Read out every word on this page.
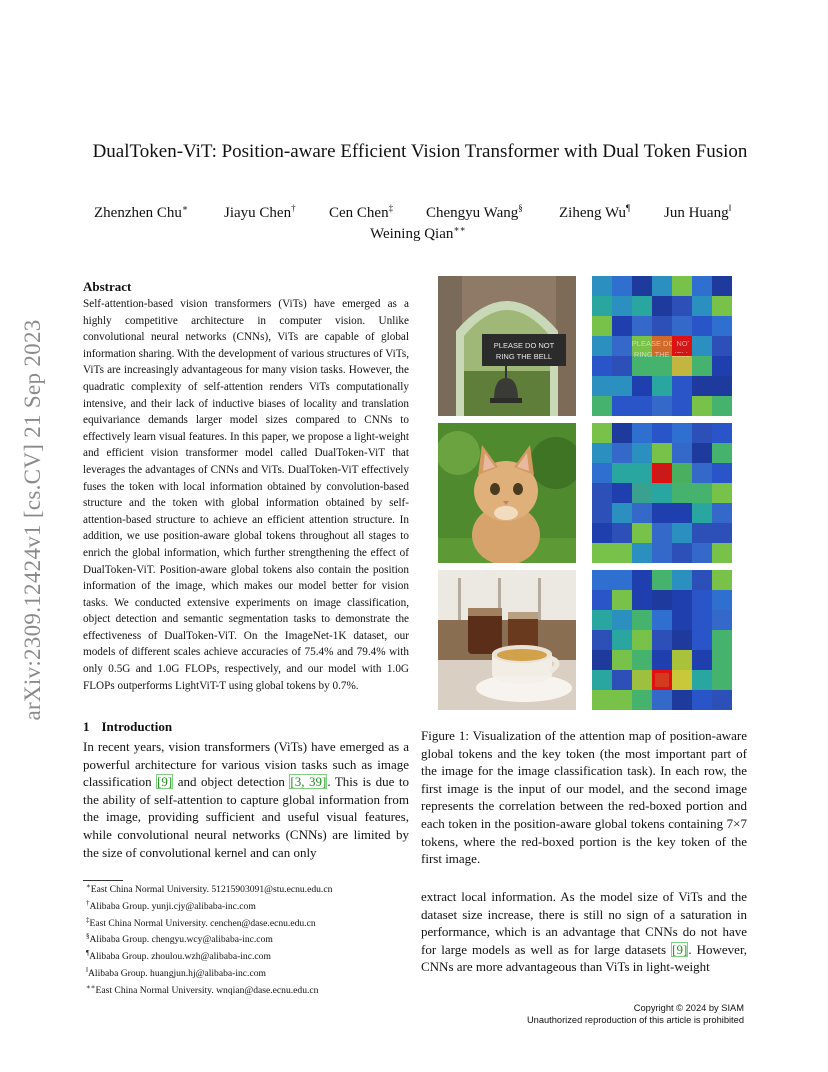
DualToken-ViT: Position-aware Efficient Vision Transformer with Dual Token Fusion
Zhenzhen Chu∗ Jiayu Chen† Cen Chen‡ Chengyu Wang§ Ziheng Wu¶ Jun Huang$^ǁ$
Weining Qian∗∗
arXiv:2309.12424v1 [cs.CV] 21 Sep 2023
Abstract
Self-attention-based vision transformers (ViTs) have emerged as a highly competitive architecture in computer vision. Unlike convolutional neural networks (CNNs), ViTs are capable of global information sharing. With the development of various structures of ViTs, ViTs are increasingly advantageous for many vision tasks. However, the quadratic complexity of self-attention renders ViTs computationally intensive, and their lack of inductive biases of locality and translation equivariance demands larger model sizes compared to CNNs to effectively learn visual features. In this paper, we propose a light-weight and efficient vision transformer model called DualToken-ViT that leverages the advantages of CNNs and ViTs. DualToken-ViT effectively fuses the token with local information obtained by convolution-based structure and the token with global information obtained by self-attention-based structure to achieve an efficient attention structure. In addition, we use position-aware global tokens throughout all stages to enrich the global information, which further strengthening the effect of DualToken-ViT. Position-aware global tokens also contain the position information of the image, which makes our model better for vision tasks. We conducted extensive experiments on image classification, object detection and semantic segmentation tasks to demonstrate the effectiveness of DualToken-ViT. On the ImageNet-1K dataset, our models of different scales achieve accuracies of 75.4% and 79.4% with only 0.5G and 1.0G FLOPs, respectively, and our model with 1.0G FLOPs outperforms LightViT-T using global tokens by 0.7%.
1 Introduction
In recent years, vision transformers (ViTs) have emerged as a powerful architecture for various vision tasks such as image classification [9] and object detection [3, 39]. This is due to the ability of self-attention to capture global information from the image, providing sufficient and useful visual features, while convolutional neural networks (CNNs) are limited by the size of convolutional kernel and can only
∗East China Normal University. 51215903091@stu.ecnu.edu.cn
†Alibaba Group. yunji.cjy@alibaba-inc.com
‡East China Normal University. cenchen@dase.ecnu.edu.cn
§Alibaba Group. chengyu.wcy@alibaba-inc.com
¶Alibaba Group. zhoulou.wzh@alibaba-inc.com
$^ǁ$Alibaba Group. huangjun.hj@alibaba-inc.com
∗∗East China Normal University. wnqian@dase.ecnu.edu.cn
PLEASE DO NOT
RING THE BELL
PLEASE DO NOT
RING THE BELL
Figure 1: Visualization of the attention map of position-aware global tokens and the key token (the most important part of the image for the image classification task). In each row, the first image is the input of our model, and the second image represents the correlation between the red-boxed portion and each token in the position-aware global tokens containing 7×7 tokens, where the red-boxed portion is the key token of the first image.
extract local information. As the model size of ViTs and the dataset size increase, there is still no sign of a saturation in performance, which is an advantage that CNNs do not have for large models as well as for large datasets [9]. However, CNNs are more advantageous than ViTs in light-weight
Copyright © 2024 by SIAM
Unauthorized reproduction of this article is prohibited
